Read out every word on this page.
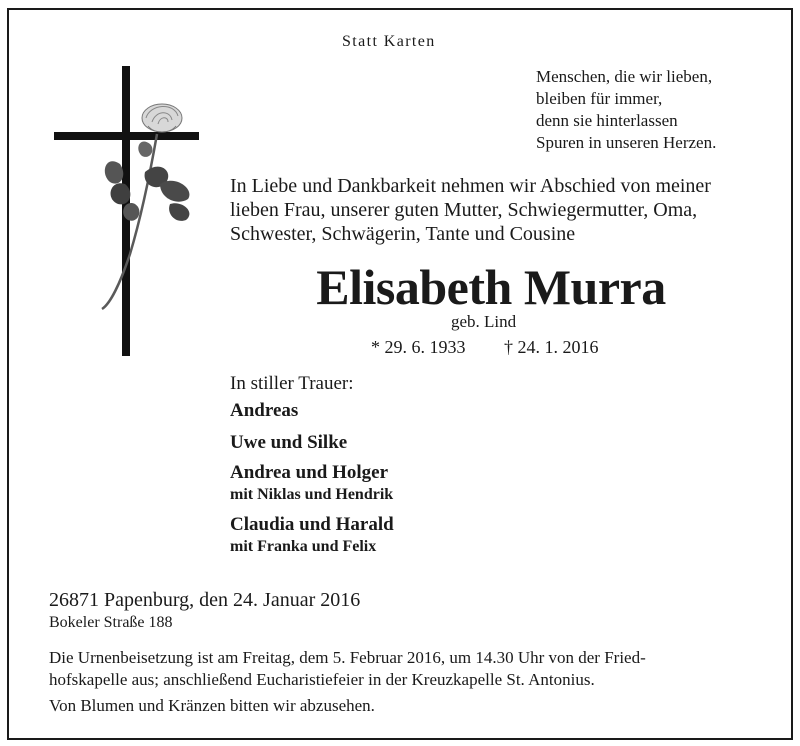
Statt Karten
Menschen, die wir lieben,
bleiben für immer,
denn sie hinterlassen
Spuren in unseren Herzen.
In Liebe und Dankbarkeit nehmen wir Abschied von meiner
lieben Frau, unserer guten Mutter, Schwiegermutter, Oma,
Schwester, Schwägerin, Tante und Cousine
Elisabeth Murra
geb. Lind
* 29. 6. 1933 † 24. 1. 2016
In stiller Trauer:
Andreas
Uwe und Silke
Andrea und Holger
mit Niklas und Hendrik
Claudia und Harald
mit Franka und Felix
26871 Papenburg, den 24. Januar 2016
Bokeler Straße 188
Die Urnenbeisetzung ist am Freitag, dem 5. Februar 2016, um 14.30 Uhr von der Fried-
hofskapelle aus; anschließend Eucharistiefeier in der Kreuzkapelle St. Antonius.
Von Blumen und Kränzen bitten wir abzusehen.
